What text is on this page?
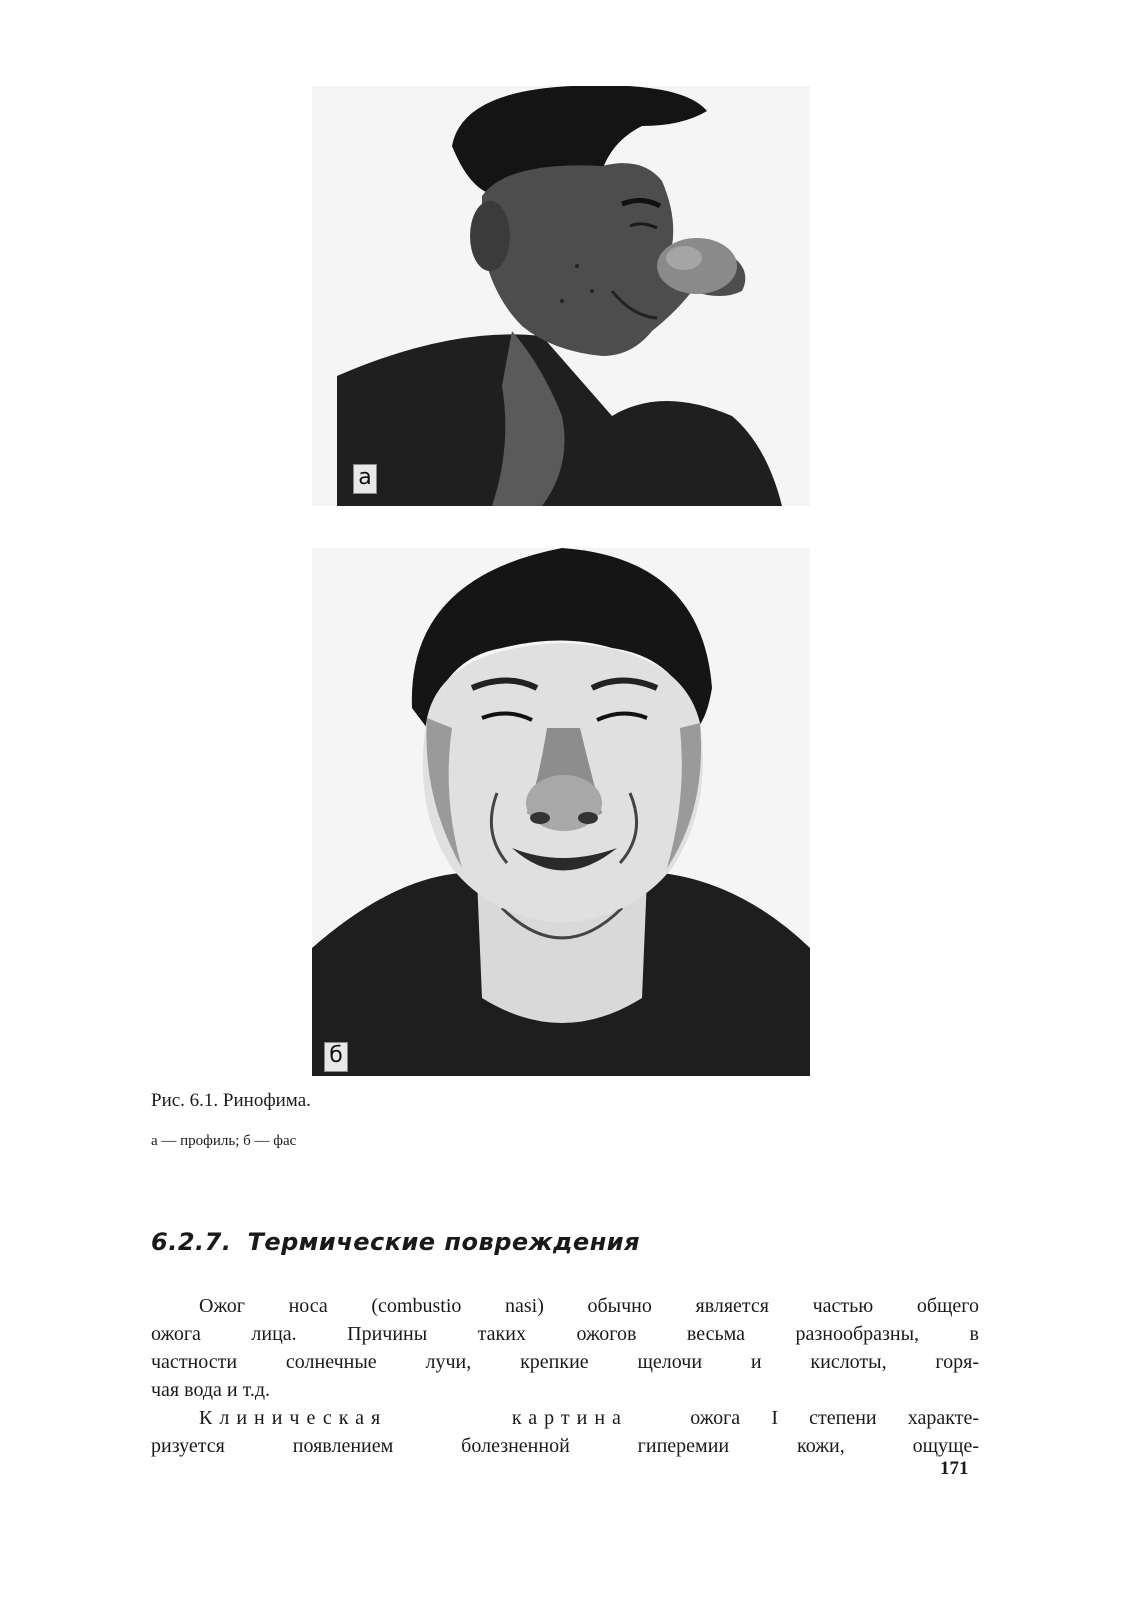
а
б
Рис. 6.1. Ринофима.
а — профиль; б — фас
6.2.7. Термические повреждения
Ожог носа (combustio nasi) обычно является частью общего
ожога лица. Причины таких ожогов весьма разнообразны, в
частности солнечные лучи, крепкие щелочи и кислоты, горя-
чая вода и т.д.
Клиническая	картина	ожога I степени характе-
ризуется появлением болезненной гиперемии кожи, ощуще-
171
